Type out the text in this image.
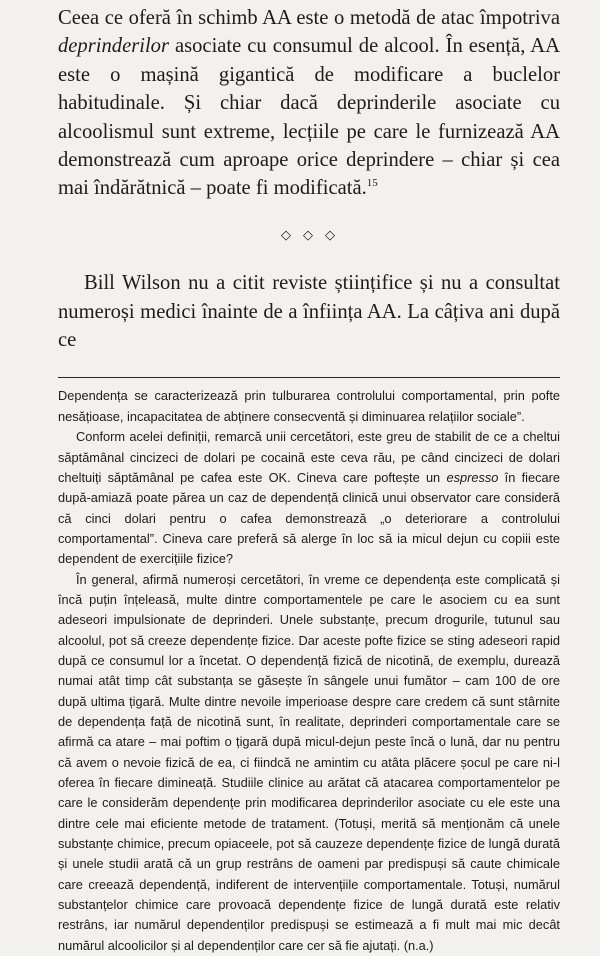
Ceea ce oferă în schimb AA este o metodă de atac împotriva deprinderilor asociate cu consumul de alcool. În esență, AA este o mașină gigantică de modificare a buclelor habitudinale. Și chiar dacă deprinderile asociate cu alcoolismul sunt extreme, lecțiile pe care le furnizează AA demonstrează cum aproape orice deprindere – chiar și cea mai îndărătnică – poate fi modificată.$^{15}$

◇◇◇

Bill Wilson nu a citit reviste științifice și nu a consultat numeroși medici înainte de a înființa AA. La câțiva ani după ce

Dependența se caracterizează prin tulburarea controlului comportamental, prin pofte nesățioase, incapacitatea de abținere consecventă și diminuarea relațiilor sociale”.

Conform acelei definiții, remarcă unii cercetători, este greu de stabilit de ce a cheltui săptămânal cincizeci de dolari pe cocaină este ceva rău, pe când cincizeci de dolari cheltuiți săptămânal pe cafea este OK. Cineva care poftește un espresso în fiecare după-amiază poate părea un caz de dependență clinică unui observator care consideră că cinci dolari pentru o cafea demonstrează „o deteriorare a controlului comportamental”. Cineva care preferă să alerge în loc să ia micul dejun cu copiii este dependent de exercițiile fizice?

În general, afirmă numeroși cercetători, în vreme ce dependența este complicată și încă puțin înțeleasă, multe dintre comportamentele pe care le asociem cu ea sunt adeseori impulsionate de deprinderi. Unele substanțe, precum drogurile, tutunul sau alcoolul, pot să creeze dependențe fizice. Dar aceste pofte fizice se sting adeseori rapid după ce consumul lor a încetat. O dependență fizică de nicotină, de exemplu, durează numai atât timp cât substanța se găsește în sângele unui fumător – cam 100 de ore după ultima țigară. Multe dintre nevoile imperioase despre care credem că sunt stârnite de dependența față de nicotină sunt, în realitate, deprinderi comportamentale care se afirmă ca atare – mai poftim o țigară după micul-dejun peste încă o lună, dar nu pentru că avem o nevoie fizică de ea, ci fiindcă ne amintim cu atâta plăcere șocul pe care ni-l oferea în fiecare dimineață. Studiile clinice au arătat că atacarea comportamentelor pe care le considerăm dependențe prin modificarea deprinderilor asociate cu ele este una dintre cele mai eficiente metode de tratament. (Totuși, merită să menționăm că unele substanțe chimice, precum opiaceele, pot să cauzeze dependențe fizice de lungă durată și unele studii arată că un grup restrâns de oameni par predispuși să caute chimicale care creează dependență, indiferent de intervențiile comportamentale. Totuși, numărul substanțelor chimice care provoacă dependențe fizice de lungă durată este relativ restrâns, iar numărul dependenților predispuși se estimează a fi mult mai mic decât numărul alcoolicilor și al dependenților care cer să fie ajutați. (n.a.)
